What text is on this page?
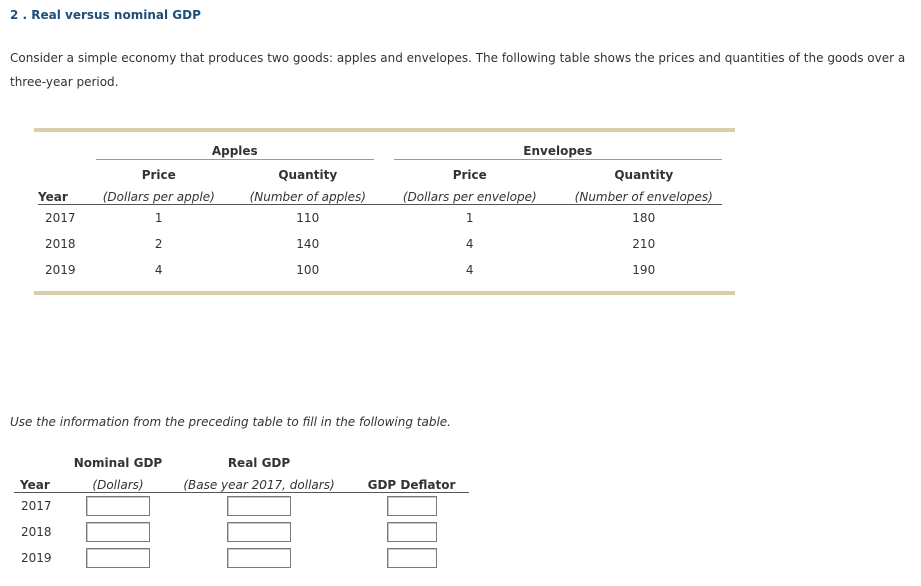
2 . Real versus nominal GDP
Consider a simple economy that produces two goods: apples and envelopes. The following table shows the prices and quantities of the goods over a three-year period.

	Apples				Envelopes		

	Price		Quantity		Price		Quantity
Year	(Dollars per apple)		(Number of apples)		(Dollars per envelope)		(Number of envelopes)
2017	1		110		1		180
2018	2		140		4		210
2019	4		100		4		190
Use the information from the preceding table to fill in the following table.
	Nominal GDP	Real GDP	
Year	(Dollars)	(Base year 2017, dollars)	GDP Deflator
2017			
2018			
2019			
